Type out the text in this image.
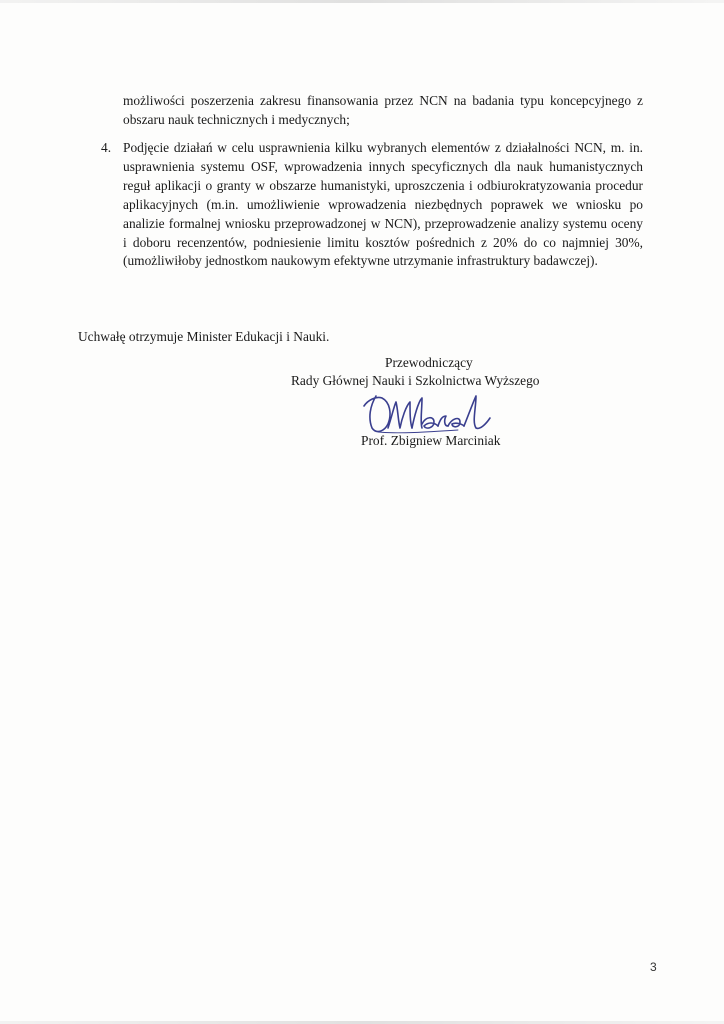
możliwości poszerzenia zakresu finansowania przez NCN na badania typu koncepcyjnego z obszaru nauk technicznych i medycznych;
4. Podjęcie działań w celu usprawnienia kilku wybranych elementów z działalności NCN, m. in. usprawnienia systemu OSF, wprowadzenia innych specyficznych dla nauk humanistycznych reguł aplikacji o granty w obszarze humanistyki, uproszczenia i odbiurokratyzowania procedur aplikacyjnych (m.in. umożliwienie wprowadzenia niezbędnych poprawek we wniosku po analizie formalnej wniosku przeprowadzonej w NCN), przeprowadzenie analizy systemu oceny i doboru recenzentów, podniesienie limitu kosztów pośrednich z 20% do co najmniej 30%, (umożliwiłoby jednostkom naukowym efektywne utrzymanie infrastruktury badawczej).
Uchwałę otrzymuje Minister Edukacji i Nauki.
Przewodniczący
Rady Głównej Nauki i Szkolnictwa Wyższego
Prof. Zbigniew Marciniak
3
